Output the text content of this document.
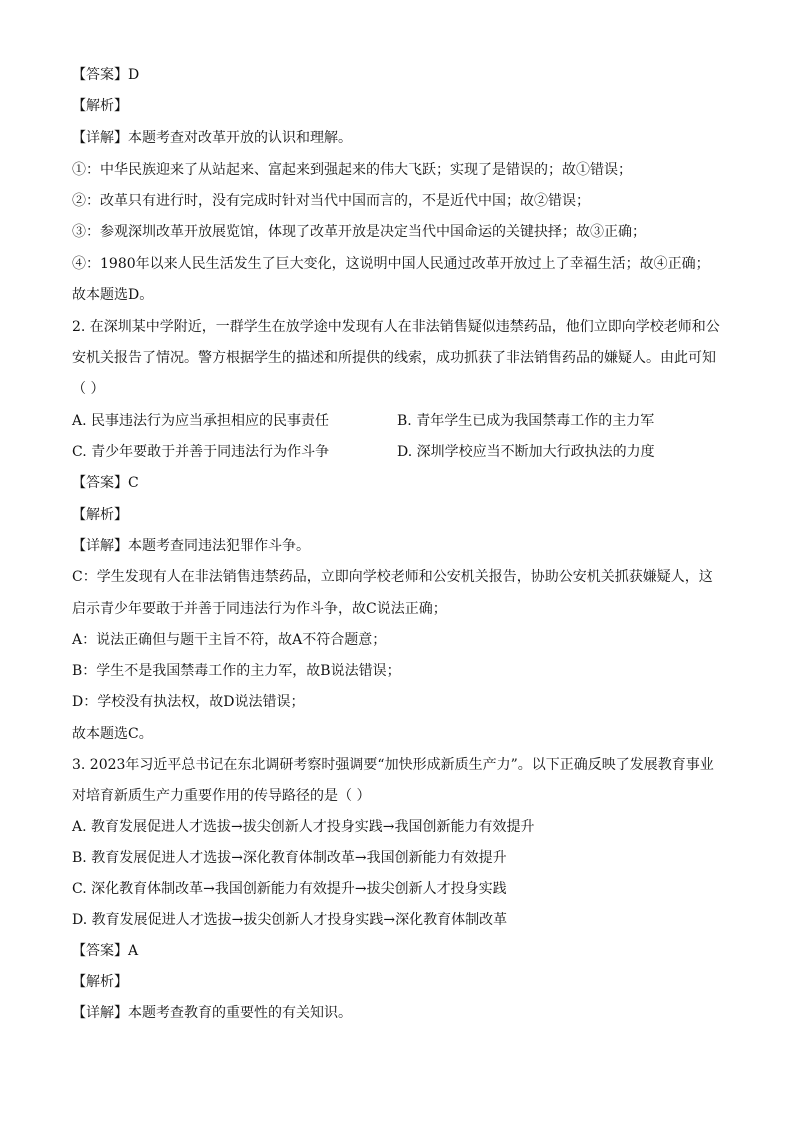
【答案】D
【解析】
【详解】本题考查对改革开放的认识和理解。
①：中华民族迎来了从站起来、富起来到强起来的伟大飞跃；实现了是错误的；故①错误；
②：改革只有进行时，没有完成时针对当代中国而言的，不是近代中国；故②错误；
③：参观深圳改革开放展览馆，体现了改革开放是决定当代中国命运的关键抉择；故③正确；
④：1980年以来人民生活发生了巨大变化，这说明中国人民通过改革开放过上了幸福生活；故④正确；
故本题选D。
2. 在深圳某中学附近，一群学生在放学途中发现有人在非法销售疑似违禁药品，他们立即向学校老师和公
安机关报告了情况。警方根据学生的描述和所提供的线索，成功抓获了非法销售药品的嫌疑人。由此可知
（ ）
A. 民事违法行为应当承担相应的民事责任	B. 青年学生已成为我国禁毒工作的主力军
C. 青少年要敢于并善于同违法行为作斗争	D. 深圳学校应当不断加大行政执法的力度
【答案】C
【解析】
【详解】本题考查同违法犯罪作斗争。
C：学生发现有人在非法销售违禁药品，立即向学校老师和公安机关报告，协助公安机关抓获嫌疑人，这
启示青少年要敢于并善于同违法行为作斗争，故C说法正确；
A：说法正确但与题干主旨不符，故A不符合题意；
B：学生不是我国禁毒工作的主力军，故B说法错误；
D：学校没有执法权，故D说法错误；
故本题选C。
3. 2023年习近平总书记在东北调研考察时强调要“加快形成新质生产力”。以下正确反映了发展教育事业
对培育新质生产力重要作用的传导路径的是（ ）
A. 教育发展促进人才选拔→拔尖创新人才投身实践→我国创新能力有效提升
B. 教育发展促进人才选拔→深化教育体制改革→我国创新能力有效提升
C. 深化教育体制改革→我国创新能力有效提升→拔尖创新人才投身实践
D. 教育发展促进人才选拔→拔尖创新人才投身实践→深化教育体制改革
【答案】A
【解析】
【详解】本题考查教育的重要性的有关知识。
